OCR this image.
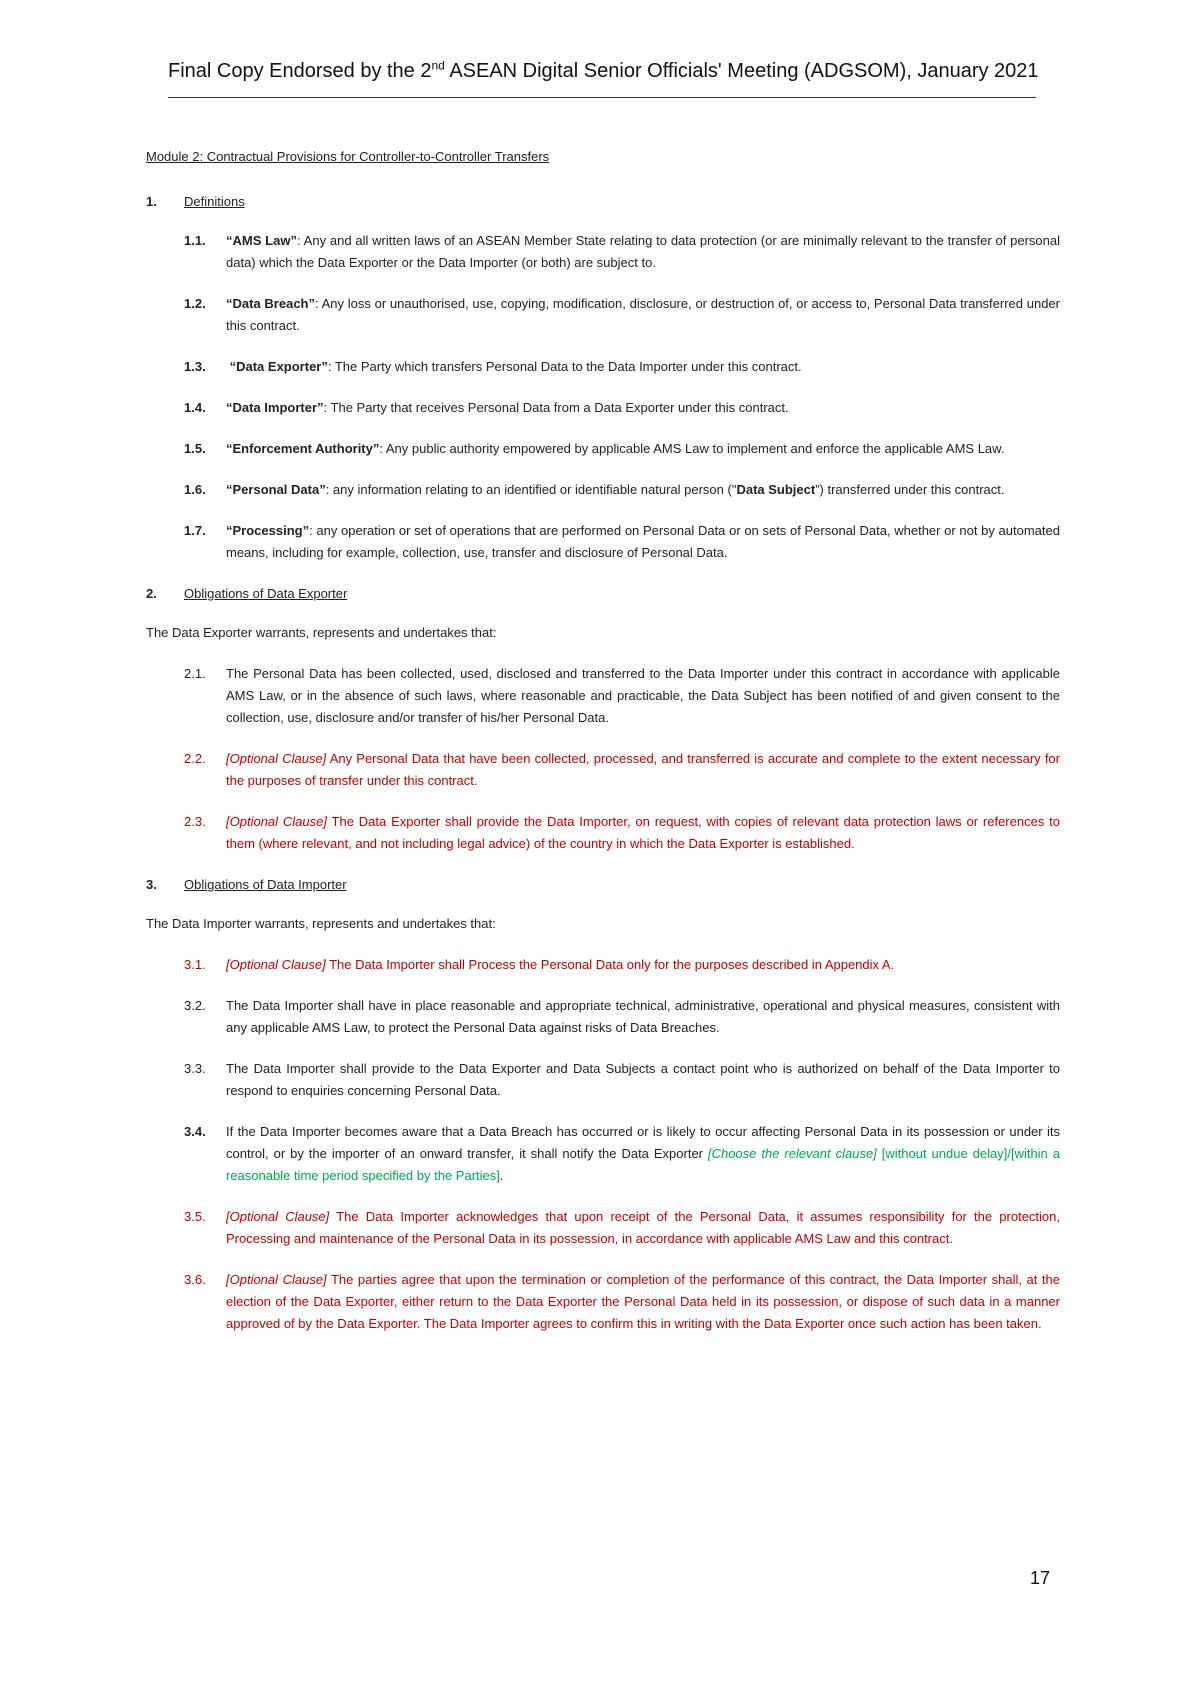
Final Copy Endorsed by the 2nd ASEAN Digital Senior Officials' Meeting (ADGSOM), January 2021
Module 2: Contractual Provisions for Controller-to-Controller Transfers
1.	Definitions
1.1.	“AMS Law”: Any and all written laws of an ASEAN Member State relating to data protection (or are minimally relevant to the transfer of personal data) which the Data Exporter or the Data Importer (or both) are subject to.
1.2.	“Data Breach”: Any loss or unauthorised, use, copying, modification, disclosure, or destruction of, or access to, Personal Data transferred under this contract.
1.3.	“Data Exporter”: The Party which transfers Personal Data to the Data Importer under this contract.
1.4.	“Data Importer”: The Party that receives Personal Data from a Data Exporter under this contract.
1.5.	“Enforcement Authority”: Any public authority empowered by applicable AMS Law to implement and enforce the applicable AMS Law.
1.6.	“Personal Data”: any information relating to an identified or identifiable natural person ("Data Subject”) transferred under this contract.
1.7.	“Processing”: any operation or set of operations that are performed on Personal Data or on sets of Personal Data, whether or not by automated means, including for example, collection, use, transfer and disclosure of Personal Data.
2.	Obligations of Data Exporter
The Data Exporter warrants, represents and undertakes that:
2.1.	The Personal Data has been collected, used, disclosed and transferred to the Data Importer under this contract in accordance with applicable AMS Law, or in the absence of such laws, where reasonable and practicable, the Data Subject has been notified of and given consent to the collection, use, disclosure and/or transfer of his/her Personal Data.
2.2.	[Optional Clause] Any Personal Data that have been collected, processed, and transferred is accurate and complete to the extent necessary for the purposes of transfer under this contract.
2.3.	[Optional Clause] The Data Exporter shall provide the Data Importer, on request, with copies of relevant data protection laws or references to them (where relevant, and not including legal advice) of the country in which the Data Exporter is established.
3.	Obligations of Data Importer
The Data Importer warrants, represents and undertakes that:
3.1.	[Optional Clause] The Data Importer shall Process the Personal Data only for the purposes described in Appendix A.
3.2.	The Data Importer shall have in place reasonable and appropriate technical, administrative, operational and physical measures, consistent with any applicable AMS Law, to protect the Personal Data against risks of Data Breaches.
3.3.	The Data Importer shall provide to the Data Exporter and Data Subjects a contact point who is authorized on behalf of the Data Importer to respond to enquiries concerning Personal Data.
3.4.	If the Data Importer becomes aware that a Data Breach has occurred or is likely to occur affecting Personal Data in its possession or under its control, or by the importer of an onward transfer, it shall notify the Data Exporter [Choose the relevant clause] [without undue delay]/[within a reasonable time period specified by the Parties].
3.5.	[Optional Clause] The Data Importer acknowledges that upon receipt of the Personal Data, it assumes responsibility for the protection, Processing and maintenance of the Personal Data in its possession, in accordance with applicable AMS Law and this contract.
3.6.	[Optional Clause] The parties agree that upon the termination or completion of the performance of this contract, the Data Importer shall, at the election of the Data Exporter, either return to the Data Exporter the Personal Data held in its possession, or dispose of such data in a manner approved of by the Data Exporter. The Data Importer agrees to confirm this in writing with the Data Exporter once such action has been taken.
17
